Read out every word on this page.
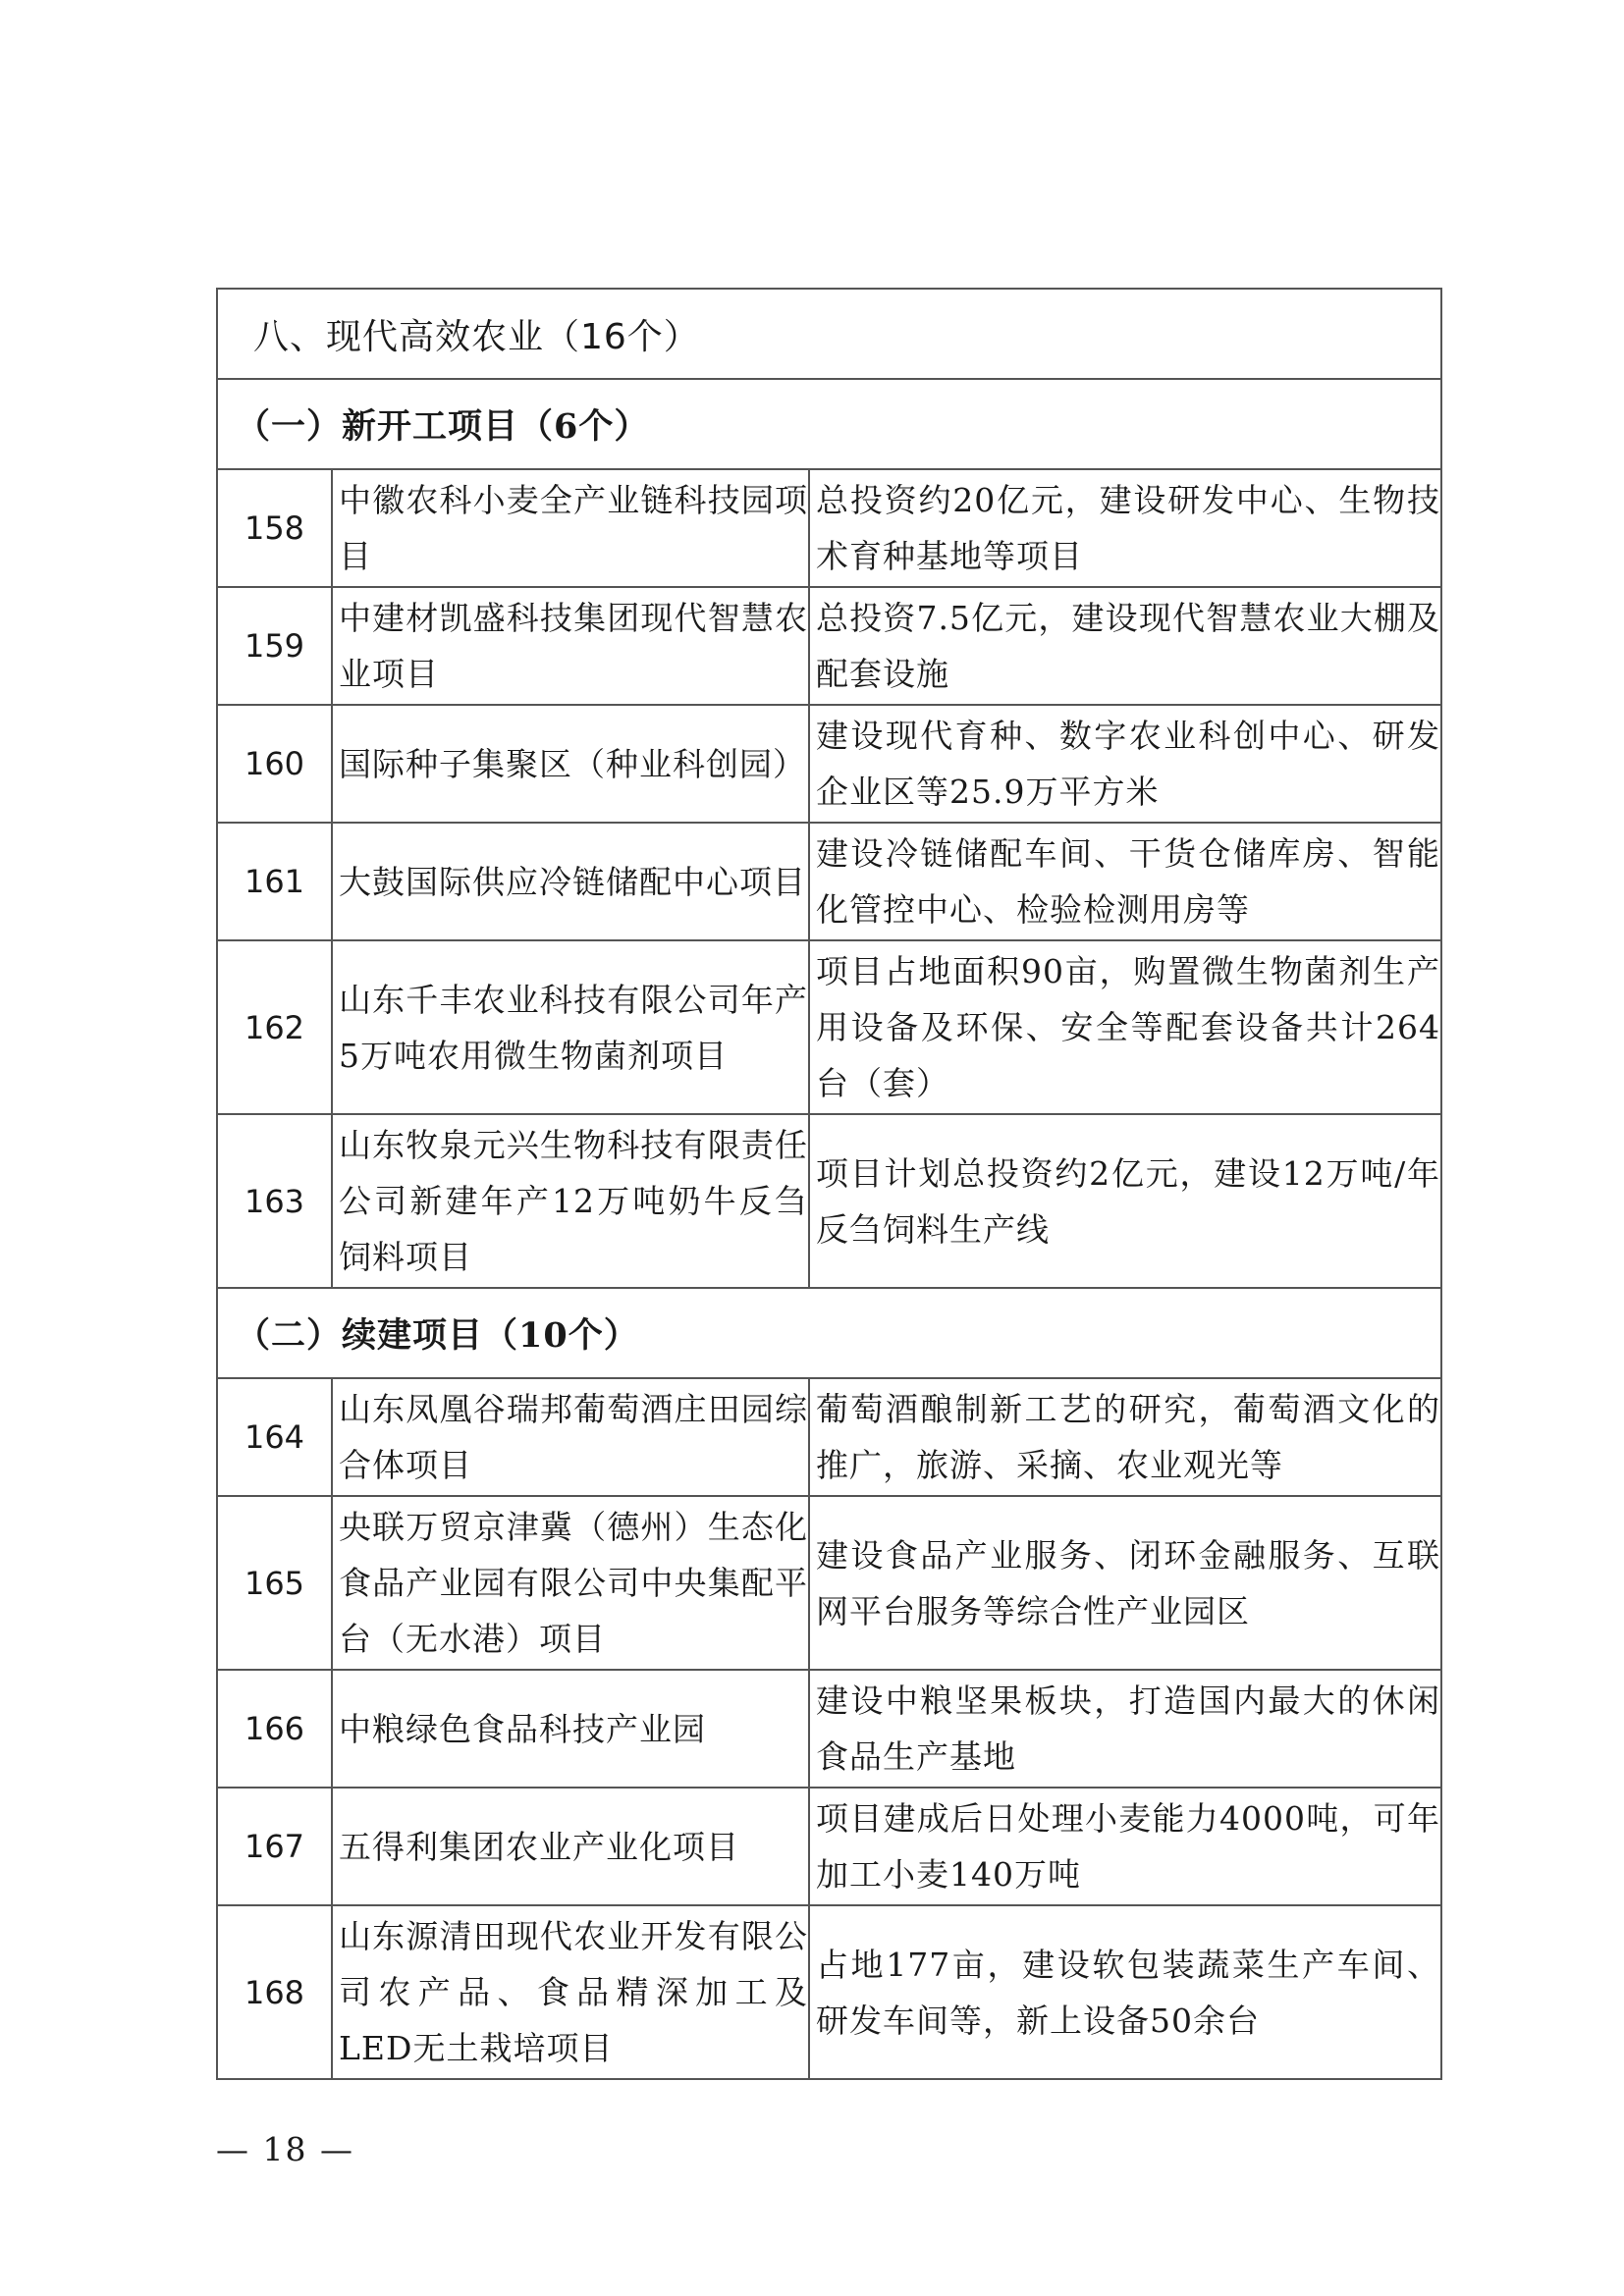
八、现代高效农业（16个）		
（一）新开工项目（6个）		
158	中徽农科小麦全产业链科技园项目	总投资约20亿元，建设研发中心、生物技术育种基地等项目
159	中建材凯盛科技集团现代智慧农业项目	总投资7.5亿元，建设现代智慧农业大棚及配套设施
160	国际种子集聚区（种业科创园）	建设现代育种、数字农业科创中心、研发企业区等25.9万平方米
161	大鼓国际供应冷链储配中心项目	建设冷链储配车间、干货仓储库房、智能化管控中心、检验检测用房等
162	山东千丰农业科技有限公司年产5万吨农用微生物菌剂项目	项目占地面积90亩，购置微生物菌剂生产用设备及环保、安全等配套设备共计264台（套）
163	山东牧泉元兴生物科技有限责任公司新建年产12万吨奶牛反刍饲料项目	项目计划总投资约2亿元，建设12万吨/年反刍饲料生产线
（二）续建项目（10个）		
164	山东凤凰谷瑞邦葡萄酒庄田园综合体项目	葡萄酒酿制新工艺的研究，葡萄酒文化的推广，旅游、采摘、农业观光等
165	央联万贸京津冀（德州）生态化食品产业园有限公司中央集配平台（无水港）项目	建设食品产业服务、闭环金融服务、互联网平台服务等综合性产业园区
166	中粮绿色食品科技产业园	建设中粮坚果板块，打造国内最大的休闲食品生产基地
167	五得利集团农业产业化项目	项目建成后日处理小麦能力4000吨，可年加工小麦140万吨
168	山东源清田现代农业开发有限公司农产品、食品精深加工及LED无土栽培项目	占地177亩，建设软包装蔬菜生产车间、研发车间等，新上设备50余台
— 18 —
